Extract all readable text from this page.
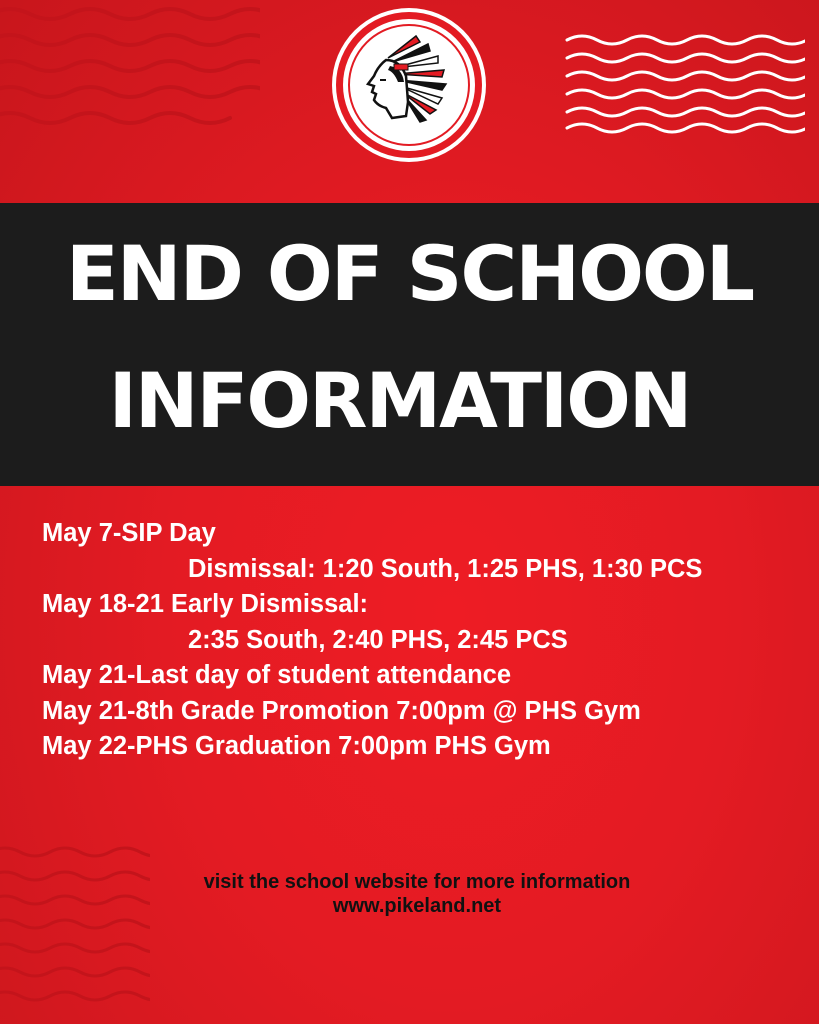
END OF SCHOOL
INFORMATION
May 7-SIP Day
Dismissal: 1:20 South, 1:25 PHS, 1:30 PCS
May 18-21 Early Dismissal:
2:35 South, 2:40 PHS, 2:45 PCS
May 21-Last day of student attendance
May 21-8th Grade Promotion 7:00pm @ PHS Gym
May 22-PHS Graduation 7:00pm PHS Gym
visit the school website for more information
www.pikeland.net
